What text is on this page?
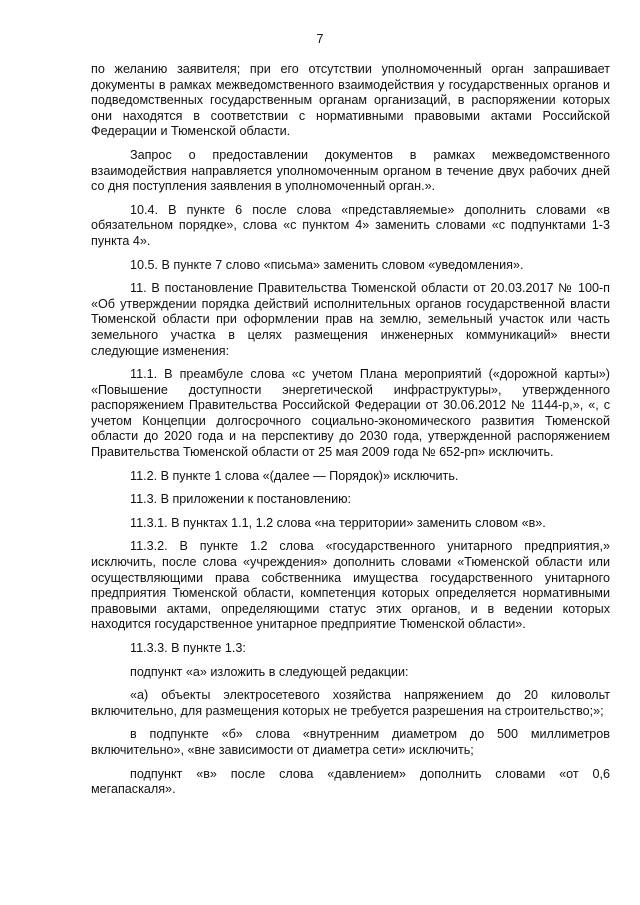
7

по желанию заявителя; при его отсутствии уполномоченный орган запрашивает документы в рамках межведомственного взаимодействия у государственных органов и подведомственных государственным органам организаций, в распоряжении которых они находятся в соответствии с нормативными правовыми актами Российской Федерации и Тюменской области.

Запрос о предоставлении документов в рамках межведомственного взаимодействия направляется уполномоченным органом в течение двух рабочих дней со дня поступления заявления в уполномоченный орган.».

10.4. В пункте 6 после слова «представляемые» дополнить словами «в обязательном порядке», слова «с пунктом 4» заменить словами «с подпунктами 1-3 пункта 4».

10.5. В пункте 7 слово «письма» заменить словом «уведомления».

11. В постановление Правительства Тюменской области от 20.03.2017 № 100-п «Об утверждении порядка действий исполнительных органов государственной власти Тюменской области при оформлении прав на землю, земельный участок или часть земельного участка в целях размещения инженерных коммуникаций» внести следующие изменения:

11.1. В преамбуле слова «с учетом Плана мероприятий («дорожной карты») «Повышение доступности энергетической инфраструктуры», утвержденного распоряжением Правительства Российской Федерации от 30.06.2012 № 1144-р,», «, с учетом Концепции долгосрочного социально-экономического развития Тюменской области до 2020 года и на перспективу до 2030 года, утвержденной распоряжением Правительства Тюменской области от 25 мая 2009 года № 652-рп» исключить.

11.2. В пункте 1 слова «(далее — Порядок)» исключить.

11.3. В приложении к постановлению:

11.3.1. В пунктах 1.1, 1.2 слова «на территории» заменить словом «в».

11.3.2. В пункте 1.2 слова «государственного унитарного предприятия,» исключить, после слова «учреждения» дополнить словами «Тюменской области или осуществляющими права собственника имущества государственного унитарного предприятия Тюменской области, компетенция которых определяется нормативными правовыми актами, определяющими статус этих органов, и в ведении которых находится государственное унитарное предприятие Тюменской области».

11.3.3. В пункте 1.3:

подпункт «а» изложить в следующей редакции:

«а) объекты электросетевого хозяйства напряжением до 20 киловольт включительно, для размещения которых не требуется разрешения на строительство;»;

в подпункте «б» слова «внутренним диаметром до 500 миллиметров включительно», «вне зависимости от диаметра сети» исключить;

подпункт «в» после слова «давлением» дополнить словами «от 0,6 мегапаскаля».
